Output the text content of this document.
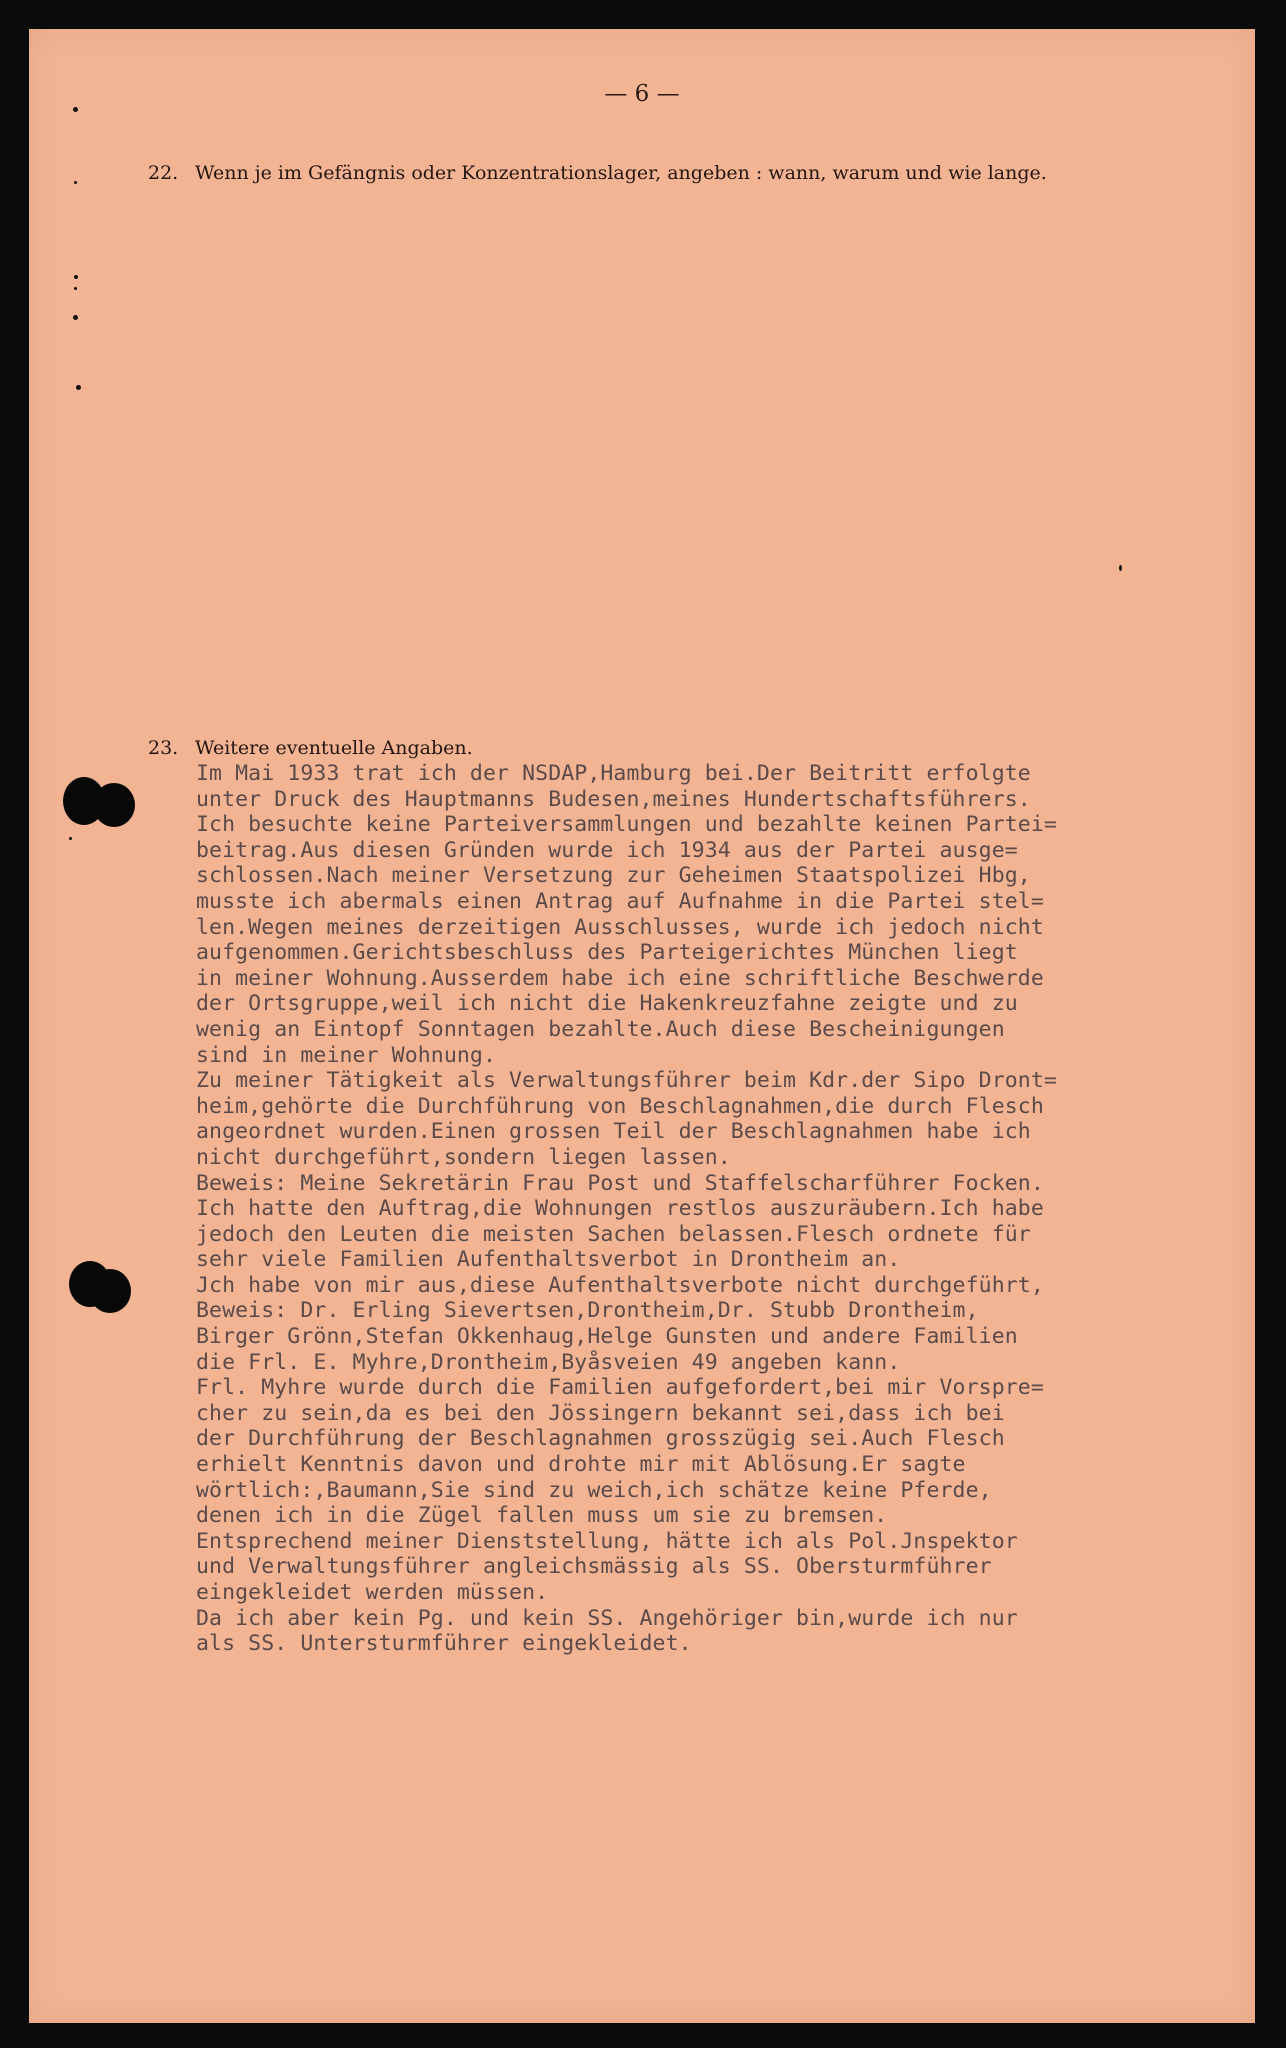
— 6 —
22. Wenn je im Gefängnis oder Konzentrationslager, angeben : wann, warum und wie lange.
23. Weitere eventuelle Angaben.
Im Mai 1933 trat ich der NSDAP,Hamburg bei.Der Beitritt erfolgte
unter Druck des Hauptmanns Budesen,meines Hundertschaftsführers.
Ich besuchte keine Parteiversammlungen und bezahlte keinen Partei=
beitrag.Aus diesen Gründen wurde ich 1934 aus der Partei ausge=
schlossen.Nach meiner Versetzung zur Geheimen Staatspolizei Hbg,
musste ich abermals einen Antrag auf Aufnahme in die Partei stel=
len.Wegen meines derzeitigen Ausschlusses, wurde ich jedoch nicht
aufgenommen.Gerichtsbeschluss des Parteigerichtes München liegt
in meiner Wohnung.Ausserdem habe ich eine schriftliche Beschwerde
der Ortsgruppe,weil ich nicht die Hakenkreuzfahne zeigte und zu
wenig an Eintopf Sonntagen bezahlte.Auch diese Bescheinigungen
sind in meiner Wohnung.
Zu meiner Tätigkeit als Verwaltungsführer beim Kdr.der Sipo Dront=
heim,gehörte die Durchführung von Beschlagnahmen,die durch Flesch
angeordnet wurden.Einen grossen Teil der Beschlagnahmen habe ich
nicht durchgeführt,sondern liegen lassen.
Beweis: Meine Sekretärin Frau Post und Staffelscharführer Focken.
Ich hatte den Auftrag,die Wohnungen restlos auszuräubern.Ich habe
jedoch den Leuten die meisten Sachen belassen.Flesch ordnete für
sehr viele Familien Aufenthaltsverbot in Drontheim an.
Jch habe von mir aus,diese Aufenthaltsverbote nicht durchgeführt,
Beweis: Dr. Erling Sievertsen,Drontheim,Dr. Stubb Drontheim,
Birger Grönn,Stefan Okkenhaug,Helge Gunsten und andere Familien
die Frl. E. Myhre,Drontheim,Byåsveien 49 angeben kann.
Frl. Myhre wurde durch die Familien aufgefordert,bei mir Vorspre=
cher zu sein,da es bei den Jössingern bekannt sei,dass ich bei
der Durchführung der Beschlagnahmen grosszügig sei.Auch Flesch
erhielt Kenntnis davon und drohte mir mit Ablösung.Er sagte
wörtlich:,Baumann,Sie sind zu weich,ich schätze keine Pferde,
denen ich in die Zügel fallen muss um sie zu bremsen.
Entsprechend meiner Dienststellung, hätte ich als Pol.Jnspektor
und Verwaltungsführer angleichsmässig als SS. Obersturmführer
eingekleidet werden müssen.
Da ich aber kein Pg. und kein SS. Angehöriger bin,wurde ich nur
als SS. Untersturmführer eingekleidet.
